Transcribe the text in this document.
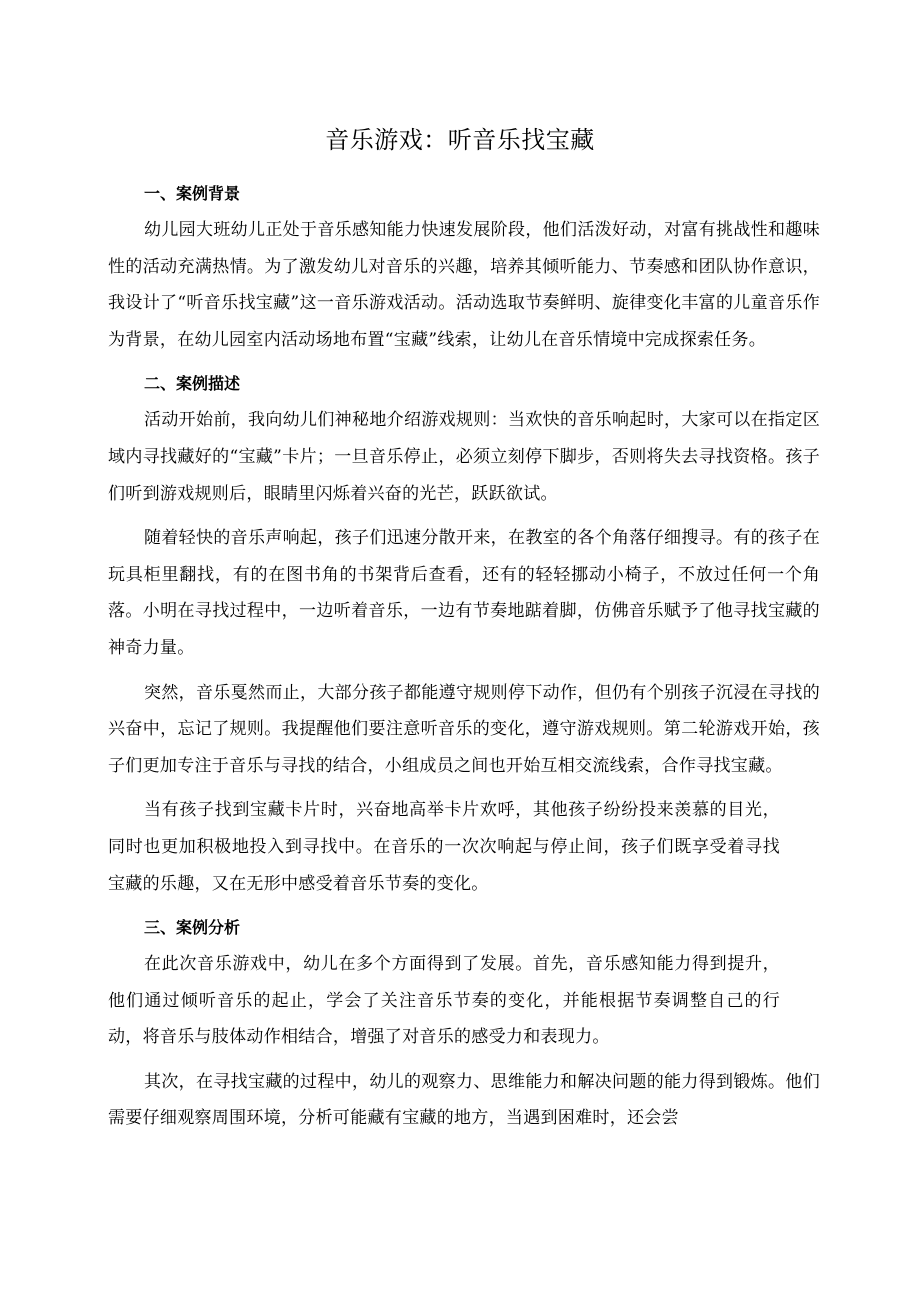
音乐游戏：听音乐找宝藏
一、案例背景

幼儿园大班幼儿正处于音乐感知能力快速发展阶段，他们活泼好动，对富有挑战性和趣味性的活动充满热情。为了激发幼儿对音乐的兴趣，培养其倾听能力、节奏感和团队协作意识，我设计了“听音乐找宝藏”这一音乐游戏活动。活动选取节奏鲜明、旋律变化丰富的儿童音乐作为背景，在幼儿园室内活动场地布置“宝藏”线索，让幼儿在音乐情境中完成探索任务。

二、案例描述

活动开始前，我向幼儿们神秘地介绍游戏规则：当欢快的音乐响起时，大家可以在指定区域内寻找藏好的“宝藏”卡片；一旦音乐停止，必须立刻停下脚步，否则将失去寻找资格。孩子们听到游戏规则后，眼睛里闪烁着兴奋的光芒，跃跃欲试。

随着轻快的音乐声响起，孩子们迅速分散开来，在教室的各个角落仔细搜寻。有的孩子在玩具柜里翻找，有的在图书角的书架背后查看，还有的轻轻挪动小椅子，不放过任何一个角落。小明在寻找过程中，一边听着音乐，一边有节奏地踮着脚，仿佛音乐赋予了他寻找宝藏的神奇力量。

突然，音乐戛然而止，大部分孩子都能遵守规则停下动作，但仍有个别孩子沉浸在寻找的兴奋中，忘记了规则。我提醒他们要注意听音乐的变化，遵守游戏规则。第二轮游戏开始，孩子们更加专注于音乐与寻找的结合，小组成员之间也开始互相交流线索，合作寻找宝藏。

当有孩子找到宝藏卡片时，兴奋地高举卡片欢呼，其他孩子纷纷投来羡慕的目光，同时也更加积极地投入到寻找中。在音乐的一次次响起与停止间，孩子们既享受着寻找宝藏的乐趣，又在无形中感受着音乐节奏的变化。

三、案例分析

在此次音乐游戏中，幼儿在多个方面得到了发展。首先，音乐感知能力得到提升，他们通过倾听音乐的起止，学会了关注音乐节奏的变化，并能根据节奏调整自己的行动，将音乐与肢体动作相结合，增强了对音乐的感受力和表现力。

其次，在寻找宝藏的过程中，幼儿的观察力、思维能力和解决问题的能力得到锻炼。他们需要仔细观察周围环境，分析可能藏有宝藏的地方，当遇到困难时，还会尝
